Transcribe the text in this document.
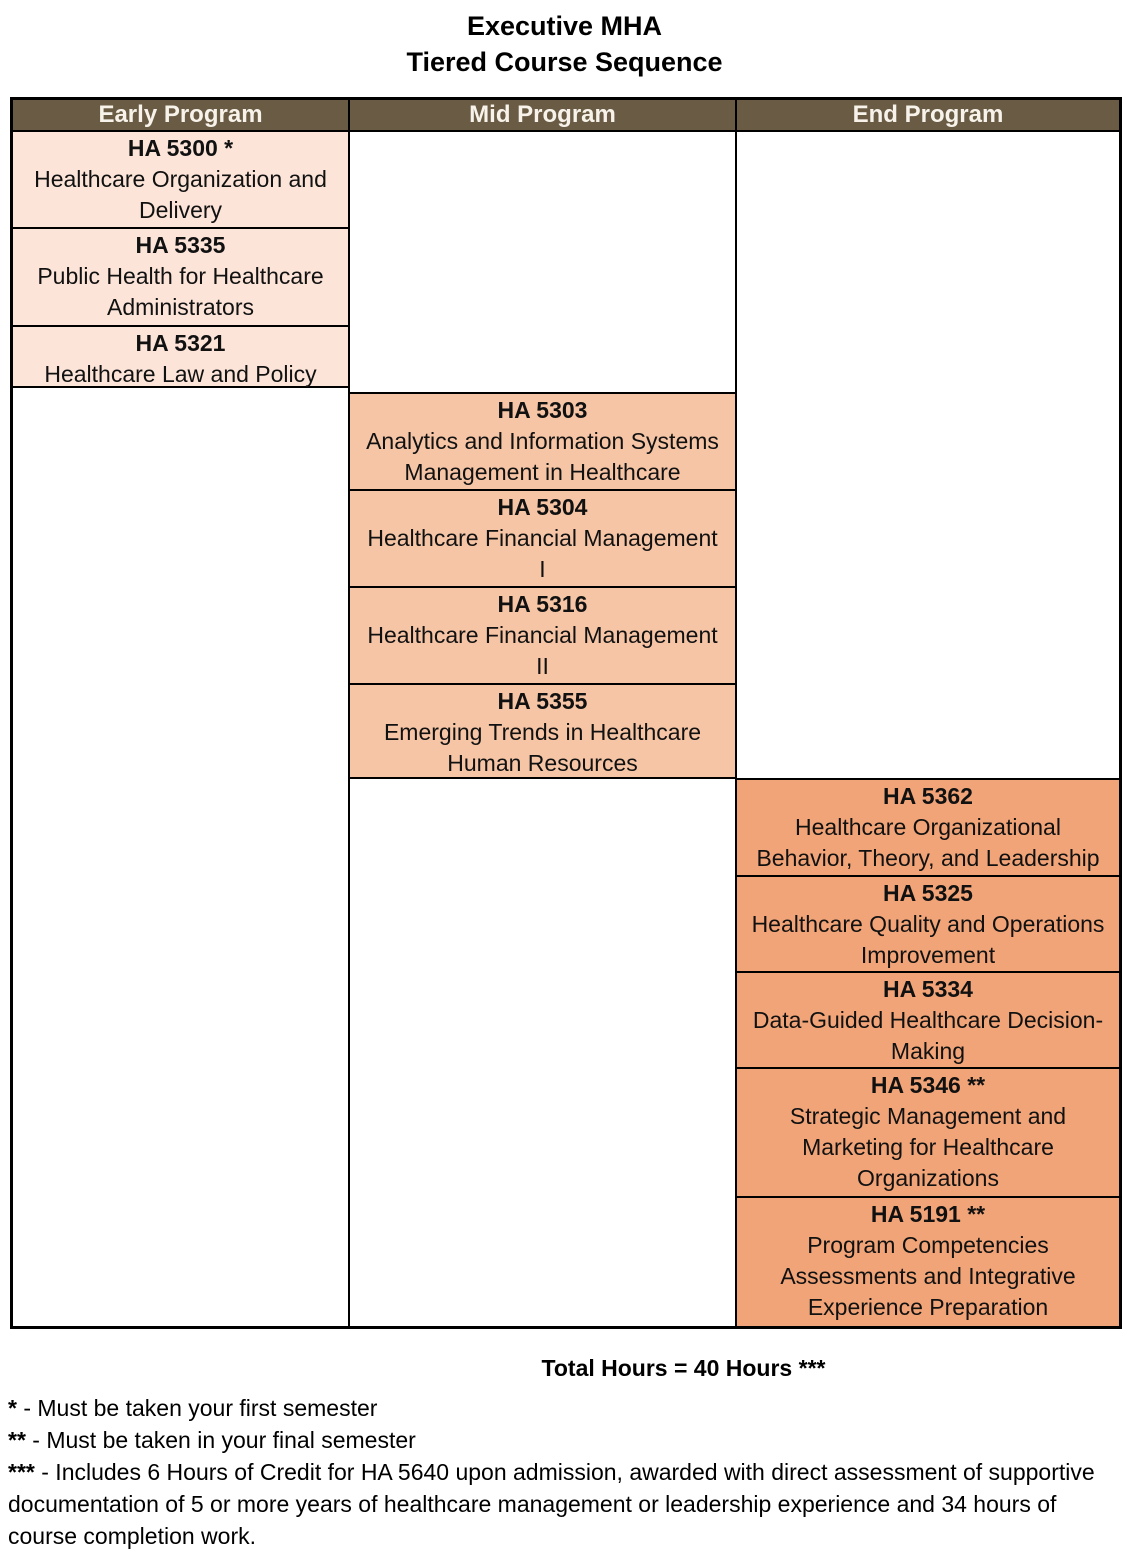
Executive MHA
Tiered Course Sequence
Early Program
HA 5300 *
Healthcare Organization and Delivery
HA 5335
Public Health for Healthcare Administrators
HA 5321
Healthcare Law and Policy
Mid Program
HA 5303
Analytics and Information Systems Management in Healthcare
HA 5304
Healthcare Financial Management I
HA 5316
Healthcare Financial Management II
HA 5355
Emerging Trends in Healthcare Human Resources
End Program
HA 5362
Healthcare Organizational Behavior, Theory, and Leadership
HA 5325
Healthcare Quality and Operations Improvement
HA 5334
Data-Guided Healthcare Decision-Making
HA 5346 **
Strategic Management and Marketing for Healthcare Organizations
HA 5191 **
Program Competencies Assessments and Integrative Experience Preparation
Total Hours = 40 Hours ***
* - Must be taken your first semester
** - Must be taken in your final semester
*** - Includes 6 Hours of Credit for HA 5640 upon admission, awarded with direct assessment of supportive documentation of 5 or more years of healthcare management or leadership experience and 34 hours of course completion work.
